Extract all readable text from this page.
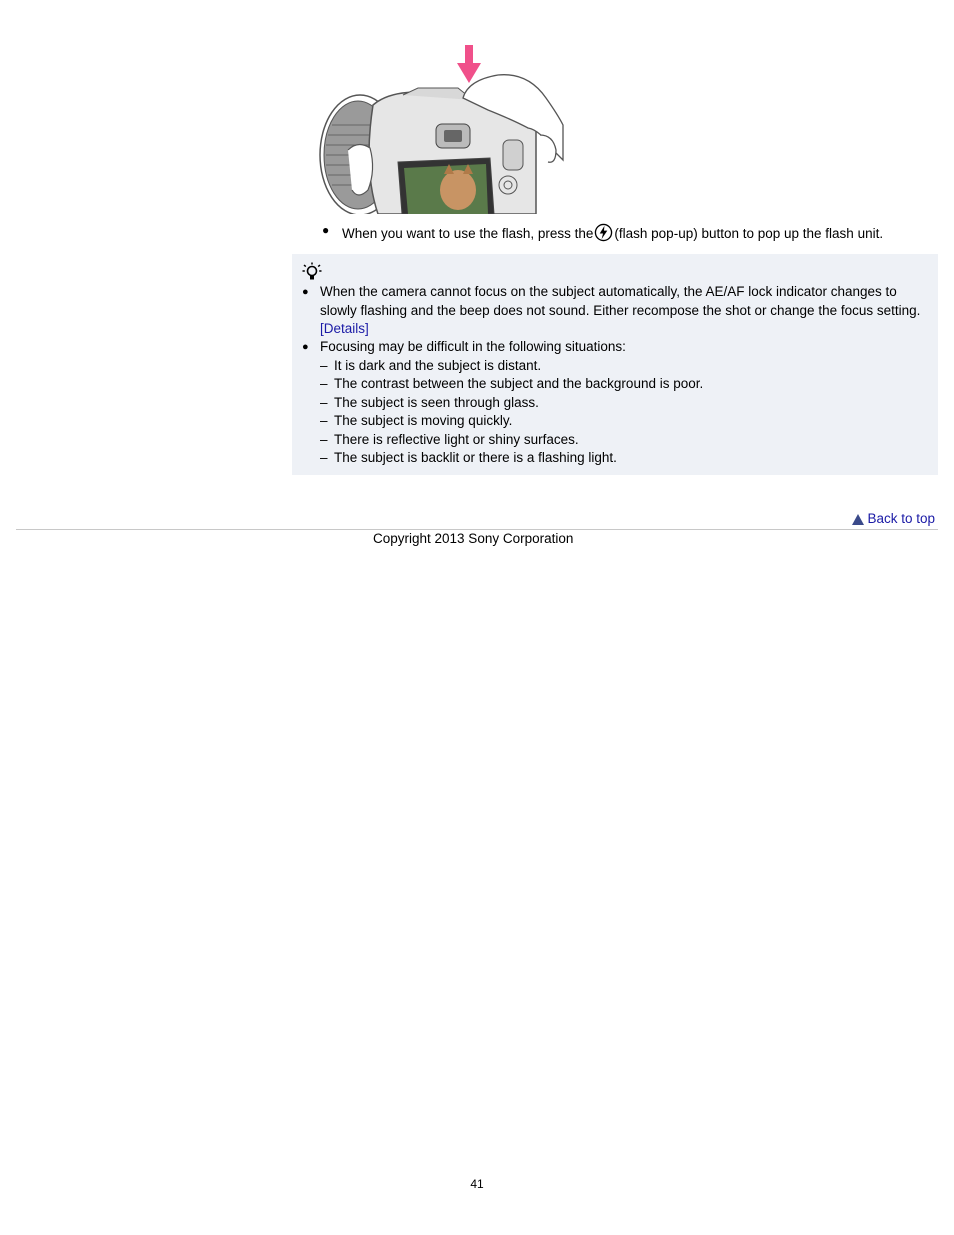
● When you want to use the flash, press the (flash pop-up) button to pop up the flash unit.
● When the camera cannot focus on the subject automatically, the AE/AF lock indicator changes to slowly flashing and the beep does not sound. Either recompose the shot or change the focus setting. [Details]
● Focusing may be difficult in the following situations:
– It is dark and the subject is distant.
– The contrast between the subject and the background is poor.
– The subject is seen through glass.
– The subject is moving quickly.
– There is reflective light or shiny surfaces.
– The subject is backlit or there is a flashing light.
Back to top
Copyright 2013 Sony Corporation
41
